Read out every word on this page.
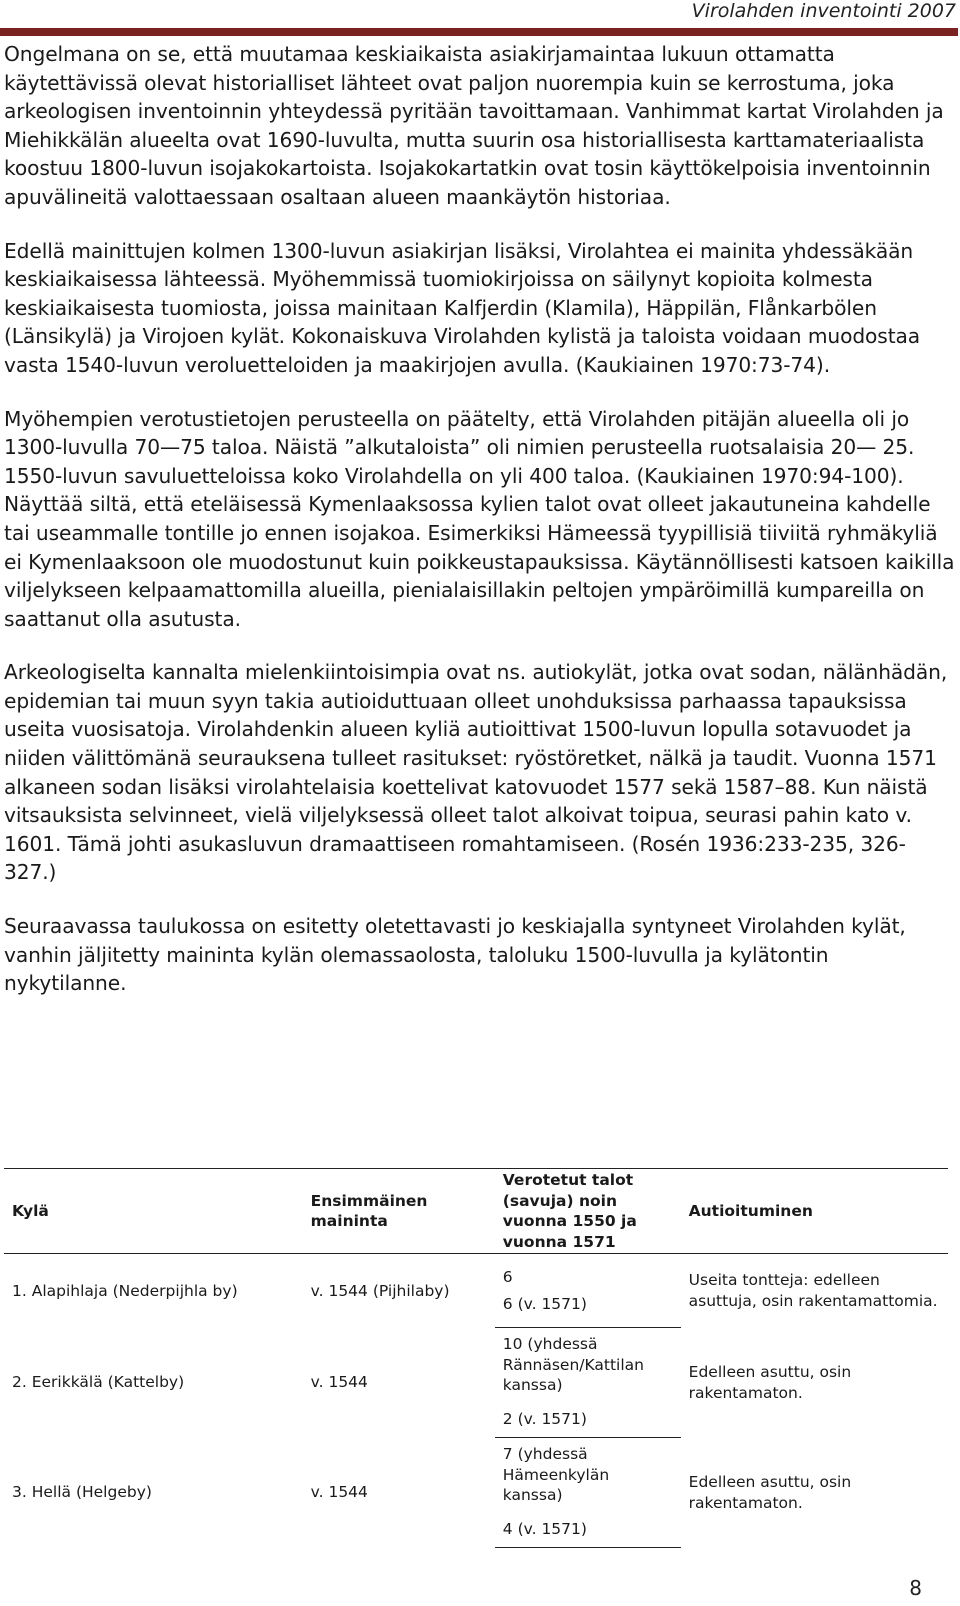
Virolahden inventointi 2007

Ongelmana on se, että muutamaa keskiaikaista asiakirjamaintaa lukuun ottamatta käytettävissä olevat historialliset lähteet ovat paljon nuorempia kuin se kerrostuma, joka arkeologisen inventoinnin yhteydessä pyritään tavoittamaan. Vanhimmat kartat Virolahden ja Miehikkälän alueelta ovat 1690-luvulta, mutta suurin osa historiallisesta karttamateriaalista koostuu 1800-luvun isojakokartoista. Isojakokartatkin ovat tosin käyttökelpoisia inventoinnin apuvälineitä valottaessaan osaltaan alueen maankäytön historiaa.

Edellä mainittujen kolmen 1300-luvun asiakirjan lisäksi, Virolahtea ei mainita yhdessäkään keskiaikaisessa lähteessä. Myöhemmissä tuomiokirjoissa on säilynyt kopioita kolmesta keskiaikaisesta tuomiosta, joissa mainitaan Kalfjerdin (Klamila), Häppilän, Flånkarbölen (Länsikylä) ja Virojoen kylät. Kokonaiskuva Virolahden kylistä ja taloista voidaan muodostaa vasta 1540-luvun veroluetteloiden ja maakirjojen avulla. (Kaukiainen 1970:73-74).

Myöhempien verotustietojen perusteella on päätelty, että Virolahden pitäjän alueella oli jo 1300-luvulla 70—75 taloa. Näistä ”alkutaloista” oli nimien perusteella ruotsalaisia 20— 25. 1550-luvun savuluetteloissa koko Virolahdella on yli 400 taloa. (Kaukiainen 1970:94-100). Näyttää siltä, että eteläisessä Kymenlaaksossa kylien talot ovat olleet jakautuneina kahdelle tai useammalle tontille jo ennen isojakoa. Esimerkiksi Hämeessä tyypillisiä tiiviitä ryhmäkyliä ei Kymenlaaksoon ole muodostunut kuin poikkeustapauksissa. Käytännöllisesti katsoen kaikilla viljelykseen kelpaamattomilla alueilla, pienialaisillakin peltojen ympäröimillä kumpareilla on saattanut olla asutusta.

Arkeologiselta kannalta mielenkiintoisimpia ovat ns. autiokylät, jotka ovat sodan, nälänhädän, epidemian tai muun syyn takia autioiduttuaan olleet unohduksissa parhaassa tapauksissa useita vuosisatoja. Virolahdenkin alueen kyliä autioittivat 1500-luvun lopulla sotavuodet ja niiden välittömänä seurauksena tulleet rasitukset: ryöstöretket, nälkä ja taudit. Vuonna 1571 alkaneen sodan lisäksi virolahtelaisia koettelivat katovuodet 1577 sekä 1587–88. Kun näistä vitsauksista selvinneet, vielä viljelyksessä olleet talot alkoivat toipua, seurasi pahin kato v. 1601. Tämä johti asukasluvun dramaattiseen romahtamiseen. (Rosén 1936:233-235, 326-327.)

Seuraavassa taulukossa on esitetty oletettavasti jo keskiajalla syntyneet Virolahden kylät, vanhin jäljitetty maininta kylän olemassaolosta, taloluku 1500-luvulla ja kylätontin nykytilanne.

Kylä	Ensimmäinen maininta	Verotetut talot (savuja) noin vuonna 1550 ja vuonna 1571	Autioituminen
1. Alapihlaja (Nederpijhla by)	v. 1544 (Pijhilaby)	6	Useita tontteja: edelleen asuttuja, osin rakentamattomia.
		6 (v. 1571)	
2. Eerikkälä (Kattelby)	v. 1544	10 (yhdessä Rännäsen/Kattilan kanssa)	Edelleen asuttu, osin rakentamaton.
		2 (v. 1571)	
3. Hellä (Helgeby)	v. 1544	7 (yhdessä Hämeenkylän kanssa)	Edelleen asuttu, osin rakentamaton.
		4 (v. 1571)	
8
